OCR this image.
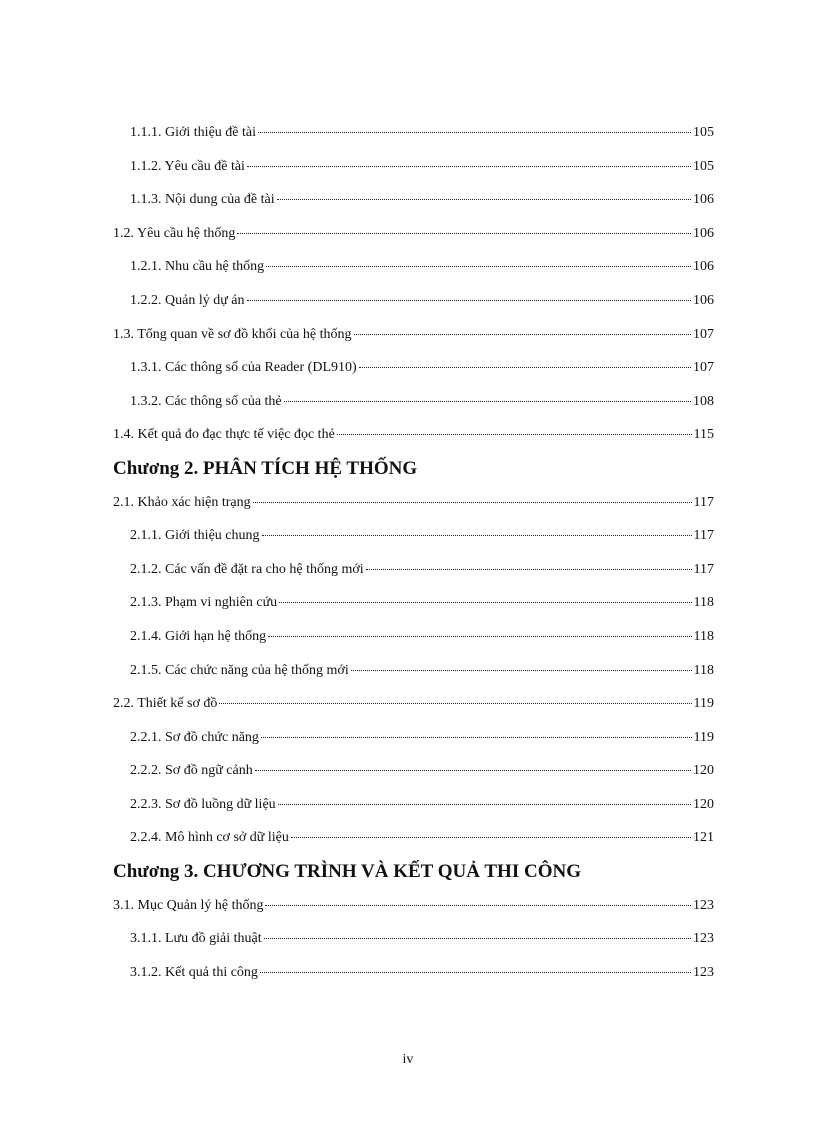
1.1.1. Giới thiệu đề tài	105
1.1.2. Yêu cầu đề tài	105
1.1.3. Nội dung của đề tài	106
1.2. Yêu cầu hệ thống	106
1.2.1. Nhu cầu hệ thống	106
1.2.2. Quản lý dự án	106
1.3. Tổng quan về sơ đồ khối của hệ thống	107
1.3.1. Các thông số của Reader (DL910)	107
1.3.2. Các thông số của thẻ	108
1.4. Kết quả đo đạc thực tế việc đọc thẻ	115
Chương 2. PHÂN TÍCH HỆ THỐNG
2.1. Khảo xác hiện trạng	117
2.1.1. Giới thiệu chung	117
2.1.2. Các vấn đề đặt ra cho hệ thống mới	117
2.1.3. Phạm vi nghiên cứu	118
2.1.4. Giới hạn hệ thống	118
2.1.5. Các chức năng của hệ thống mới	118
2.2. Thiết kế sơ đồ	119
2.2.1. Sơ đồ chức năng	119
2.2.2. Sơ đồ ngữ cảnh	120
2.2.3. Sơ đồ luồng dữ liệu	120
2.2.4. Mô hình cơ sở dữ liệu	121
Chương 3. CHƯƠNG TRÌNH VÀ KẾT QUẢ THI CÔNG
3.1. Mục Quản lý hệ thống	123
3.1.1. Lưu đồ giải thuật	123
3.1.2. Kết quả thi công	123
iv
